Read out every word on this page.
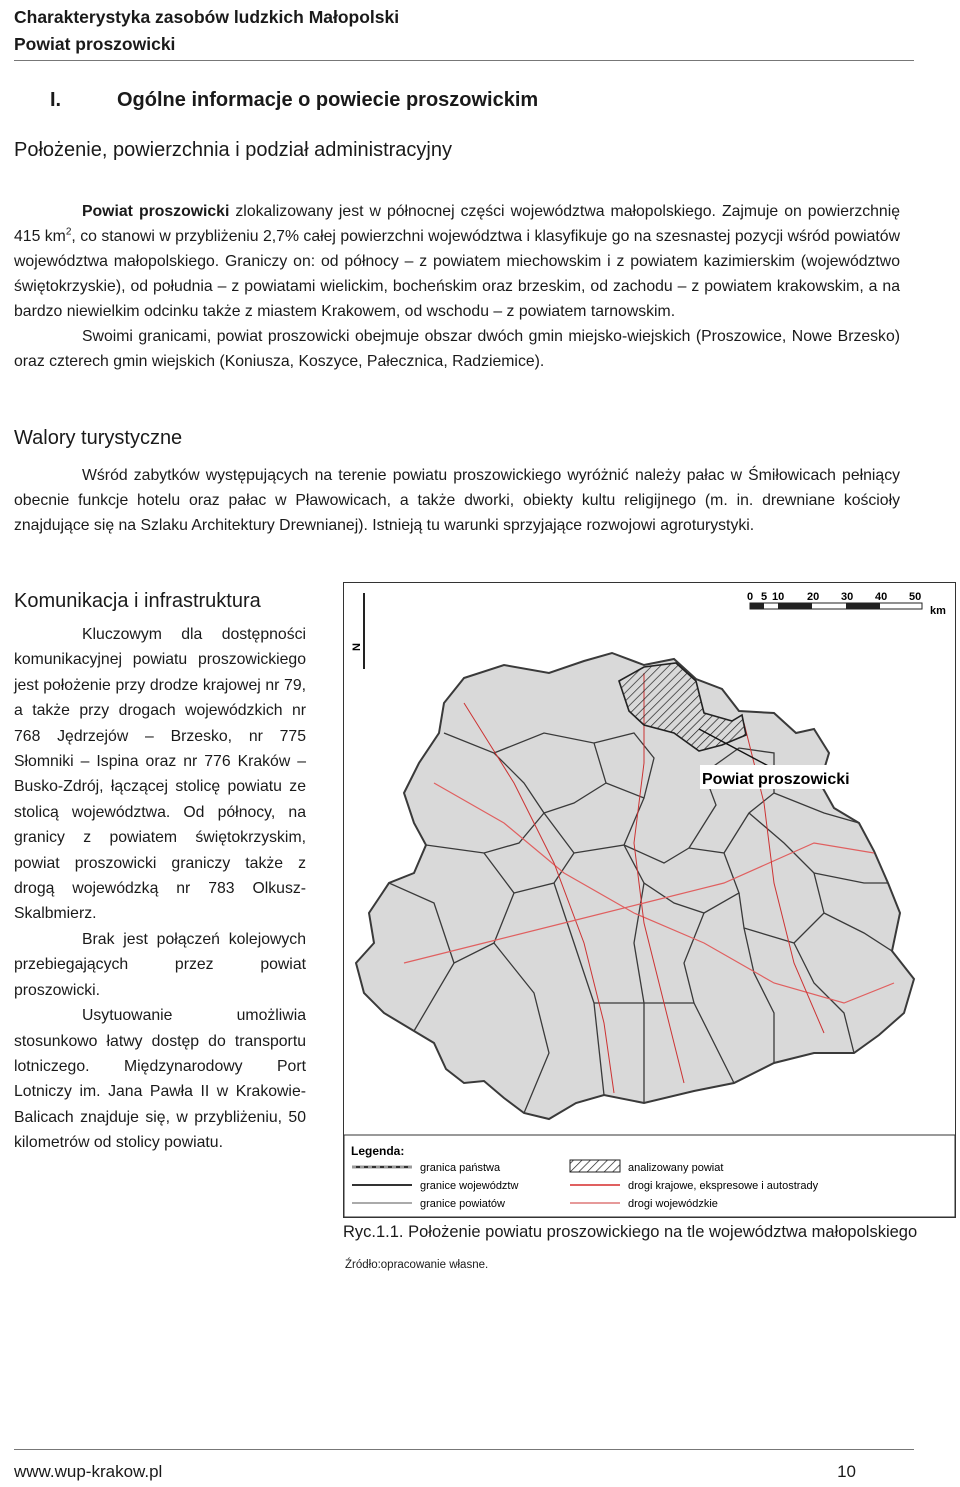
Charakterystyka zasobów ludzkich Małopolski
Powiat proszowicki
I.	Ogólne informacje o powiecie proszowickim
Położenie, powierzchnia i podział administracyjny

Powiat proszowicki zlokalizowany jest w północnej części województwa małopolskiego. Zajmuje on powierzchnię 415 $km^2$, co stanowi w przybliżeniu 2,7% całej powierzchni województwa i klasyfikuje go na szesnastej pozycji wśród powiatów województwa małopolskiego. Graniczy on: od północy – z powiatem miechowskim i z powiatem kazimierskim (województwo świętokrzyskie), od południa – z powiatami wielickim, bocheńskim oraz brzeskim, od zachodu – z powiatem krakowskim, a na bardzo niewielkim odcinku także z miastem Krakowem, od wschodu – z powiatem tarnowskim.

Swoimi granicami, powiat proszowicki obejmuje obszar dwóch gmin miejsko-wiejskich (Proszowice, Nowe Brzesko) oraz czterech gmin wiejskich (Koniusza, Koszyce, Pałecznica, Radziemice).

Walory turystyczne

Wśród zabytków występujących na terenie powiatu proszowickiego wyróżnić należy pałac w Śmiłowicach pełniący obecnie funkcje hotelu oraz pałac w Pławowicach, a także dworki, obiekty kultu religijnego (m. in. drewniane kościoły znajdujące się na Szlaku Architektury Drewnianej). Istnieją tu warunki sprzyjające rozwojowi agroturystyki.

Komunikacja i infrastruktura

Kluczowym dla dostępności komunikacyjnej powiatu proszowickiego jest położenie przy drodze krajowej nr 79, a także przy drogach wojewódzkich nr 768 Jędrzejów – Brzesko, nr 775 Słomniki – Ispina oraz nr 776 Kraków – Busko-Zdrój, łączącej stolicę powiatu ze stolicą województwa. Od północy, na granicy z powiatem świętokrzyskim, powiat proszowicki graniczy także z drogą wojewódzką nr 783 Olkusz-Skalbmierz.

Brak jest połączeń kolejowych przebiegających przez powiat proszowicki.

Usytuowanie umożliwia stosunkowo łatwy dostęp do transportu lotniczego. Międzynarodowy Port Lotniczy im. Jana Pawła II w Krakowie-Balicach znajduje się, w przybliżeniu, 50 kilometrów od stolicy powiatu.

N
0 5 10 20 30 40 50
km
Powiat proszowicki
Legenda:
granica państwa
granice województw
granice powiatów
analizowany powiat
drogi krajowe, ekspresowe i autostrady
drogi wojewódzkie
Ryc.1.1. Położenie powiatu proszowickiego na tle województwa małopolskiego
Źródło:opracowanie własne.
www.wup-krakow.pl	10
